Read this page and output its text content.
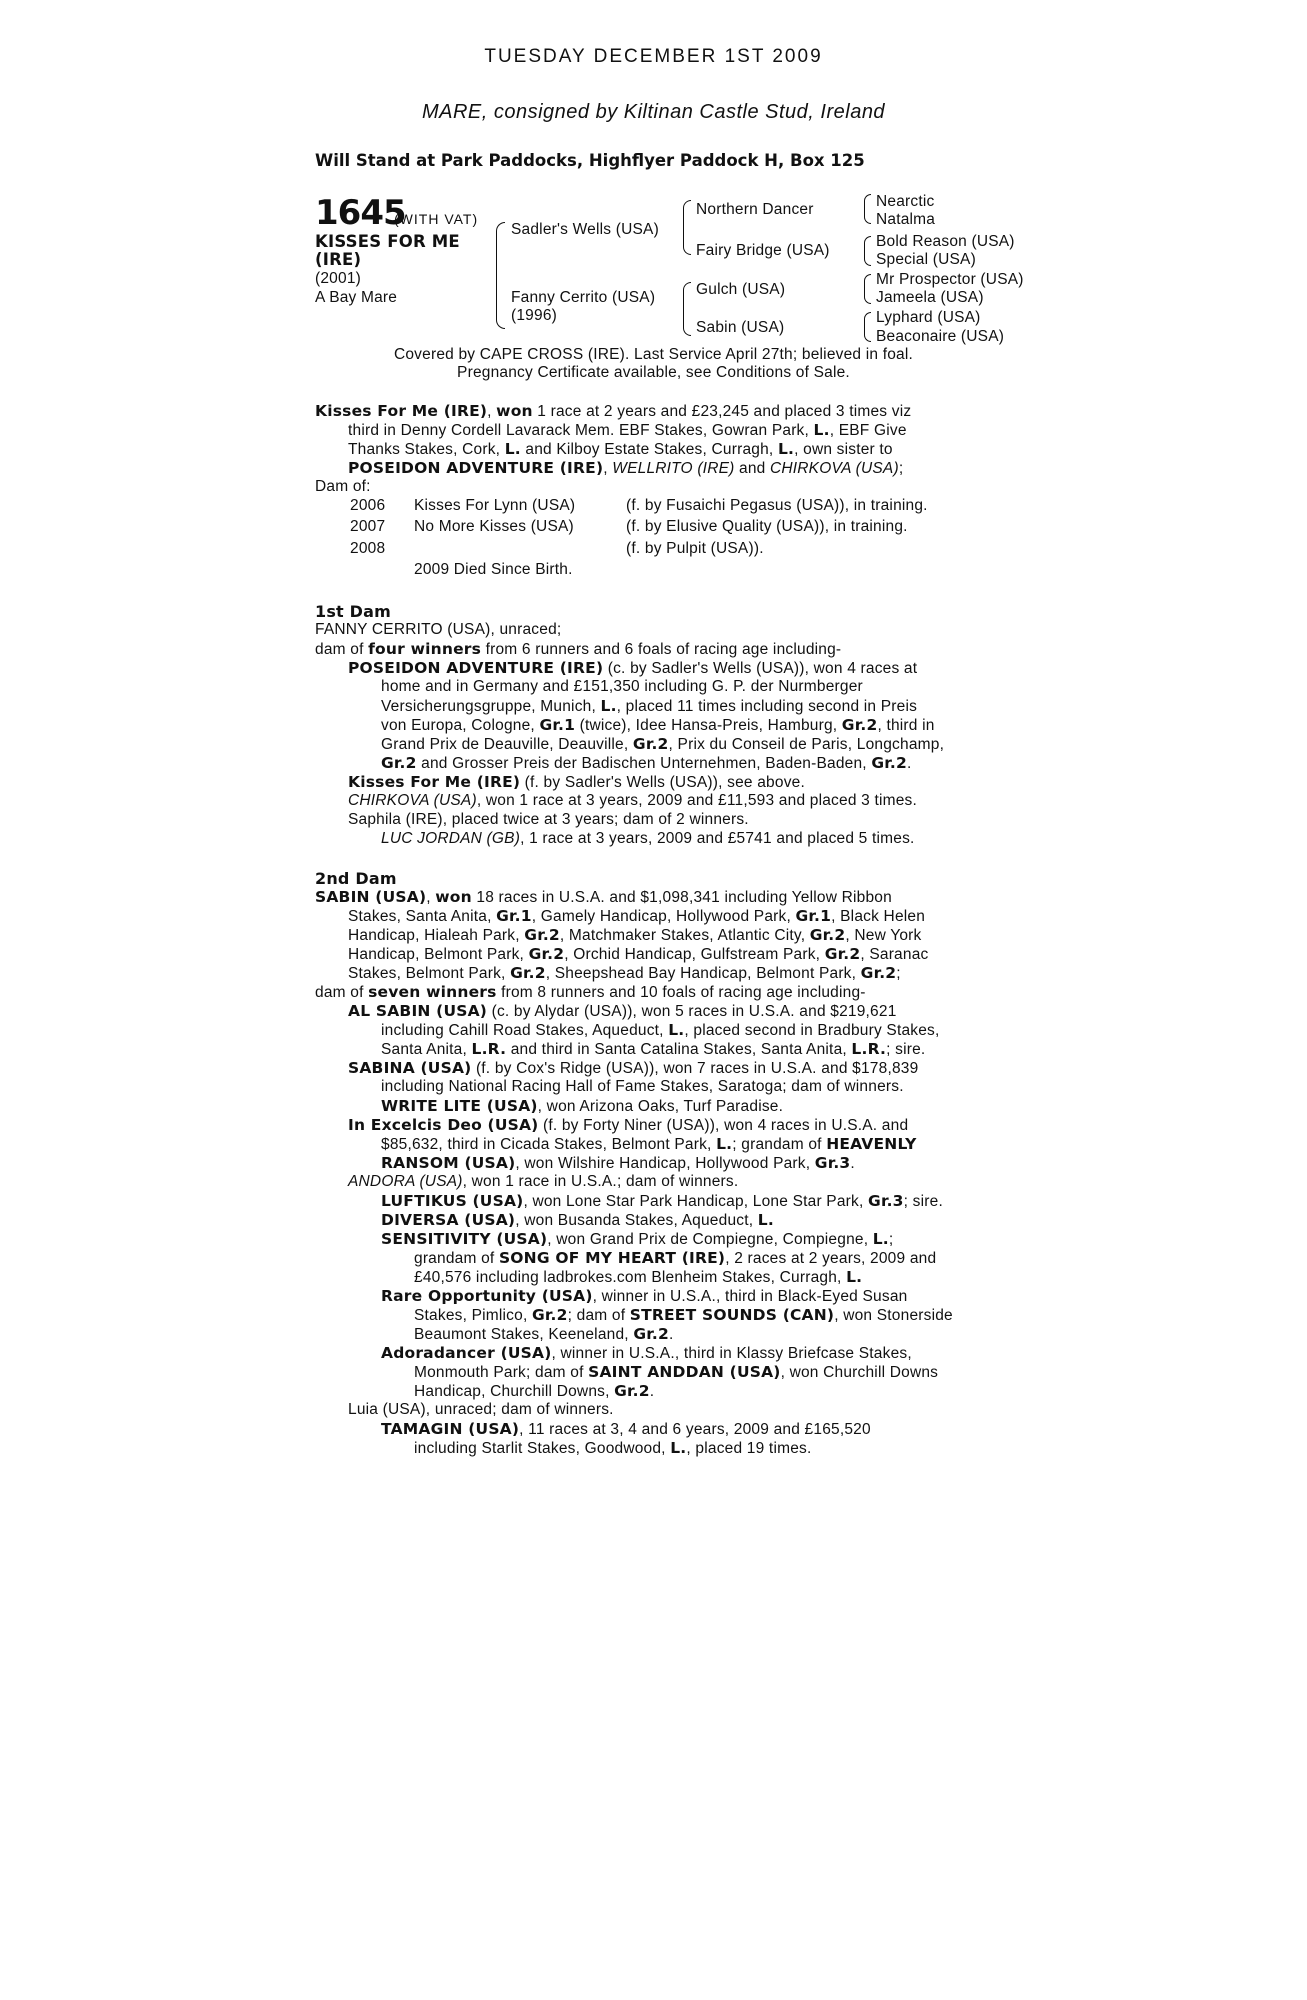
TUESDAY DECEMBER 1ST 2009
MARE, consigned by Kiltinan Castle Stud, Ireland
Will Stand at Park Paddocks, Highflyer Paddock H, Box 125
1645
(WITH VAT)
KISSES FOR ME
(IRE)
(2001)
A Bay Mare
Sadler's Wells (USA)
Fanny Cerrito (USA)
(1996)
Northern Dancer
Fairy Bridge (USA)
Gulch (USA)
Sabin (USA)
Nearctic
Natalma
Bold Reason (USA)
Special (USA)
Mr Prospector (USA)
Jameela (USA)
Lyphard (USA)
Beaconaire (USA)
Covered by CAPE CROSS (IRE). Last Service April 27th; believed in foal.
Pregnancy Certificate available, see Conditions of Sale.
Kisses For Me (IRE), won 1 race at 2 years and £23,245 and placed 3 times viz
third in Denny Cordell Lavarack Mem. EBF Stakes, Gowran Park, L., EBF Give
Thanks Stakes, Cork, L. and Kilboy Estate Stakes, Curragh, L., own sister to
POSEIDON ADVENTURE (IRE), WELLRITO (IRE) and CHIRKOVA (USA);
Dam of:
2006 Kisses For Lynn (USA)	(f. by Fusaichi Pegasus (USA)), in training.
2007 No More Kisses (USA)	(f. by Elusive Quality (USA)), in training.
2008	(f. by Pulpit (USA)).
2009 Died Since Birth.
1st Dam
FANNY CERRITO (USA), unraced;
dam of four winners from 6 runners and 6 foals of racing age including-
POSEIDON ADVENTURE (IRE) (c. by Sadler's Wells (USA)), won 4 races at
home and in Germany and £151,350 including G. P. der Nurmberger
Versicherungsgruppe, Munich, L., placed 11 times including second in Preis
von Europa, Cologne, Gr.1 (twice), Idee Hansa-Preis, Hamburg, Gr.2, third in
Grand Prix de Deauville, Deauville, Gr.2, Prix du Conseil de Paris, Longchamp,
Gr.2 and Grosser Preis der Badischen Unternehmen, Baden-Baden, Gr.2.
Kisses For Me (IRE) (f. by Sadler's Wells (USA)), see above.
CHIRKOVA (USA), won 1 race at 3 years, 2009 and £11,593 and placed 3 times.
Saphila (IRE), placed twice at 3 years; dam of 2 winners.
LUC JORDAN (GB), 1 race at 3 years, 2009 and £5741 and placed 5 times.
2nd Dam
SABIN (USA), won 18 races in U.S.A. and $1,098,341 including Yellow Ribbon
Stakes, Santa Anita, Gr.1, Gamely Handicap, Hollywood Park, Gr.1, Black Helen
Handicap, Hialeah Park, Gr.2, Matchmaker Stakes, Atlantic City, Gr.2, New York
Handicap, Belmont Park, Gr.2, Orchid Handicap, Gulfstream Park, Gr.2, Saranac
Stakes, Belmont Park, Gr.2, Sheepshead Bay Handicap, Belmont Park, Gr.2;
dam of seven winners from 8 runners and 10 foals of racing age including-
AL SABIN (USA) (c. by Alydar (USA)), won 5 races in U.S.A. and $219,621
including Cahill Road Stakes, Aqueduct, L., placed second in Bradbury Stakes,
Santa Anita, L.R. and third in Santa Catalina Stakes, Santa Anita, L.R.; sire.
SABINA (USA) (f. by Cox's Ridge (USA)), won 7 races in U.S.A. and $178,839
including National Racing Hall of Fame Stakes, Saratoga; dam of winners.
WRITE LITE (USA), won Arizona Oaks, Turf Paradise.
In Excelcis Deo (USA) (f. by Forty Niner (USA)), won 4 races in U.S.A. and
$85,632, third in Cicada Stakes, Belmont Park, L.; grandam of HEAVENLY
RANSOM (USA), won Wilshire Handicap, Hollywood Park, Gr.3.
ANDORA (USA), won 1 race in U.S.A.; dam of winners.
LUFTIKUS (USA), won Lone Star Park Handicap, Lone Star Park, Gr.3; sire.
DIVERSA (USA), won Busanda Stakes, Aqueduct, L.
SENSITIVITY (USA), won Grand Prix de Compiegne, Compiegne, L.;
grandam of SONG OF MY HEART (IRE), 2 races at 2 years, 2009 and
£40,576 including ladbrokes.com Blenheim Stakes, Curragh, L.
Rare Opportunity (USA), winner in U.S.A., third in Black-Eyed Susan
Stakes, Pimlico, Gr.2; dam of STREET SOUNDS (CAN), won Stonerside
Beaumont Stakes, Keeneland, Gr.2.
Adoradancer (USA), winner in U.S.A., third in Klassy Briefcase Stakes,
Monmouth Park; dam of SAINT ANDDAN (USA), won Churchill Downs
Handicap, Churchill Downs, Gr.2.
Luia (USA), unraced; dam of winners.
TAMAGIN (USA), 11 races at 3, 4 and 6 years, 2009 and £165,520
including Starlit Stakes, Goodwood, L., placed 19 times.
